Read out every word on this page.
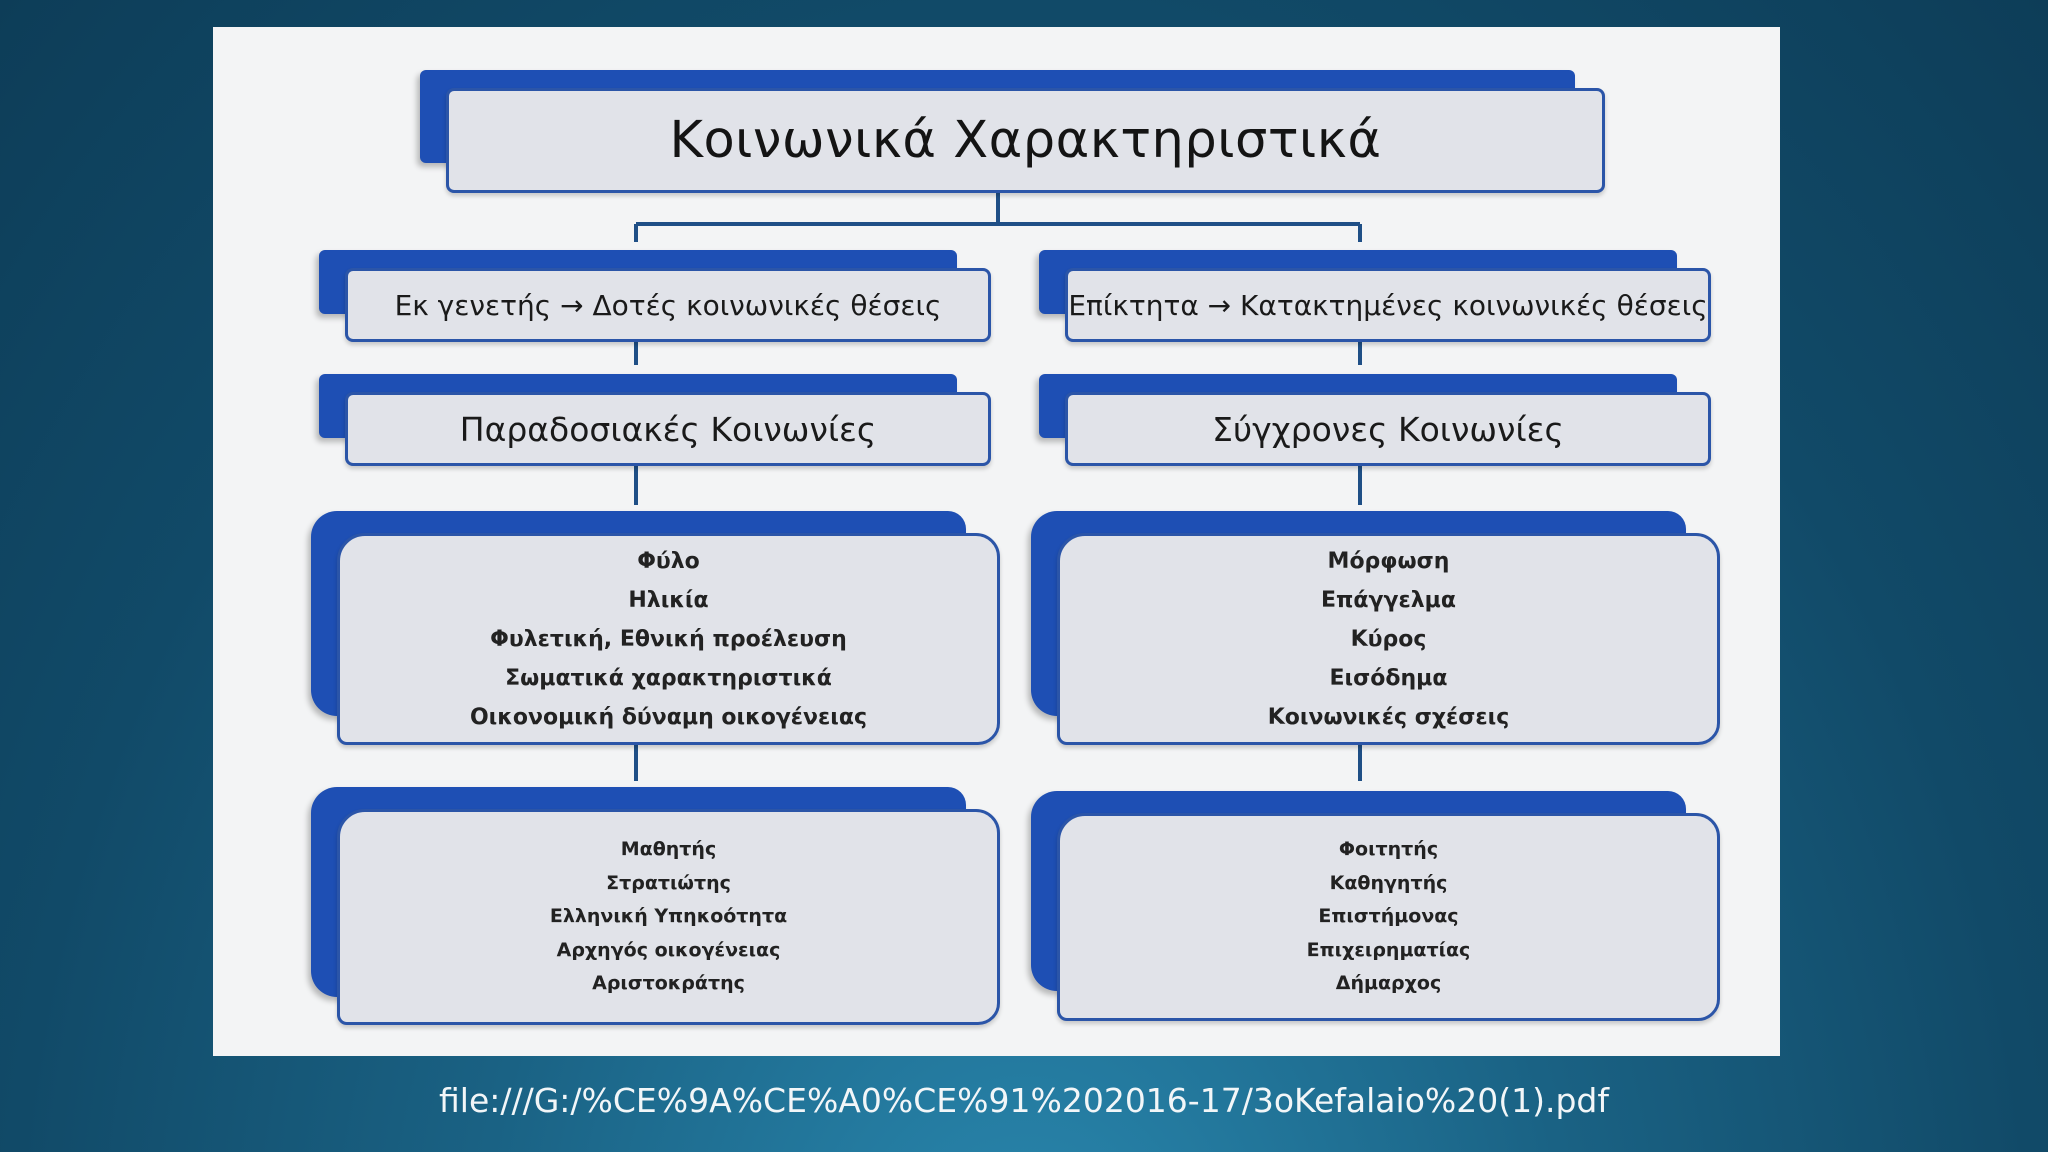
Κοινωνικά Χαρακτηριστικά
Εκ γενετής → Δοτές κοινωνικές θέσεις	Επίκτητα → Κατακτημένες κοινωνικές θέσεις
Παραδοσιακές Κοινωνίες	Σύγχρονες Κοινωνίες
Φύλο
Ηλικία
Φυλετική, Εθνική προέλευση
Σωματικά χαρακτηριστικά
Οικονομική δύναμη οικογένειας
Μόρφωση
Επάγγελμα
Κύρος
Εισόδημα
Κοινωνικές σχέσεις
Μαθητής
Στρατιώτης
Ελληνική Υπηκοότητα
Αρχηγός οικογένειας
Αριστοκράτης
Φοιτητής
Καθηγητής
Επιστήμονας
Επιχειρηματίας
Δήμαρχος
file:///G:/%CE%9A%CE%A0%CE%91%202016-17/3oKefalaio%20(1).pdf
